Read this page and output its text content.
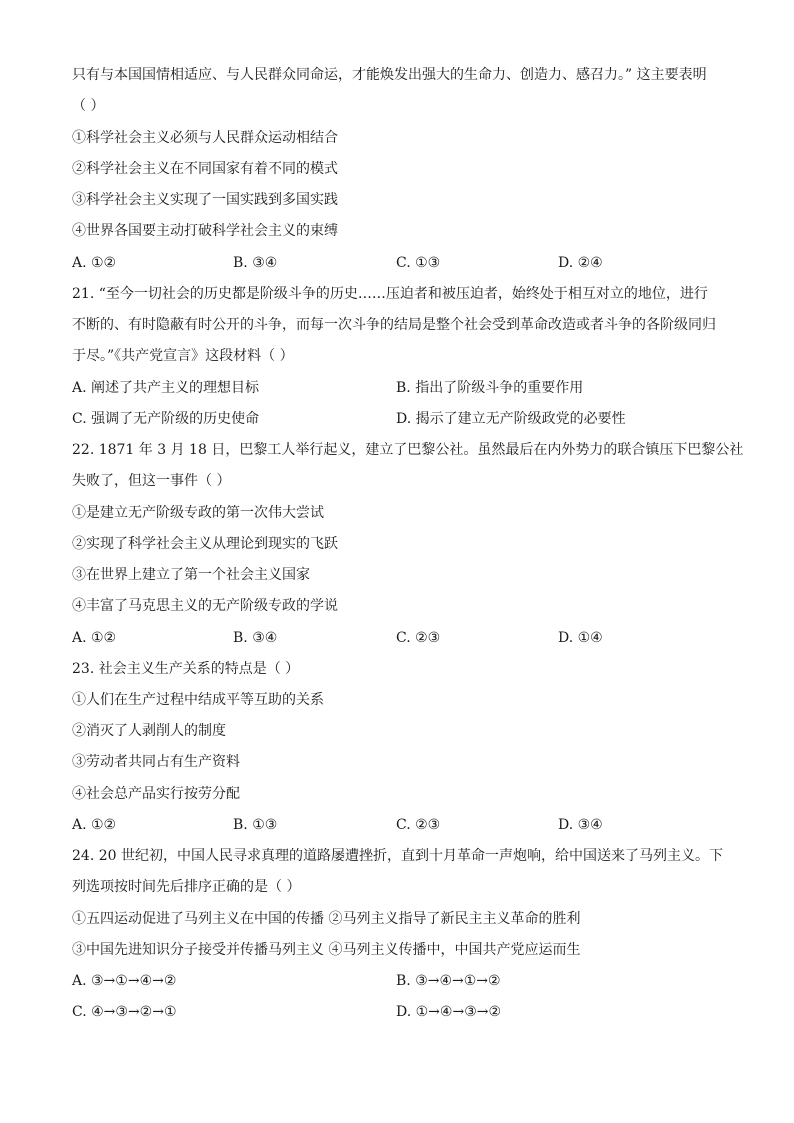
只有与本国国情相适应、与人民群众同命运，才能焕发出强大的生命力、创造力、感召力。” 这主要表明
（ ）
①科学社会主义必须与人民群众运动相结合
②科学社会主义在不同国家有着不同的模式
③科学社会主义实现了一国实践到多国实践
④世界各国要主动打破科学社会主义的束缚
A. ①②	B. ③④	C. ①③	D. ②④
21. “至今一切社会的历史都是阶级斗争的历史……压迫者和被压迫者，始终处于相互对立的地位，进行
不断的、有时隐蔽有时公开的斗争，而每一次斗争的结局是整个社会受到革命改造或者斗争的各阶级同归
于尽。”《共产党宣言》这段材料（ ）
A. 阐述了共产主义的理想目标	B. 指出了阶级斗争的重要作用
C. 强调了无产阶级的历史使命	D. 揭示了建立无产阶级政党的必要性
22. 1871 年 3 月 18 日，巴黎工人举行起义，建立了巴黎公社。虽然最后在内外势力的联合镇压下巴黎公社
失败了，但这一事件（ ）
①是建立无产阶级专政的第一次伟大尝试
②实现了科学社会主义从理论到现实的飞跃
③在世界上建立了第一个社会主义国家
④丰富了马克思主义的无产阶级专政的学说
A. ①②	B. ③④	C. ②③	D. ①④
23. 社会主义生产关系的特点是（ ）
①人们在生产过程中结成平等互助的关系
②消灭了人剥削人的制度
③劳动者共同占有生产资料
④社会总产品实行按劳分配
A. ①②	B. ①③	C. ②③	D. ③④
24. 20 世纪初，中国人民寻求真理的道路屡遭挫折，直到十月革命一声炮响，给中国送来了马列主义。下
列选项按时间先后排序正确的是（ ）
①五四运动促进了马列主义在中国的传播 ②马列主义指导了新民主主义革命的胜利
③中国先进知识分子接受并传播马列主义 ④马列主义传播中，中国共产党应运而生
A. ③→①→④→②	B. ③→④→①→②
C. ④→③→②→①	D. ①→④→③→②
